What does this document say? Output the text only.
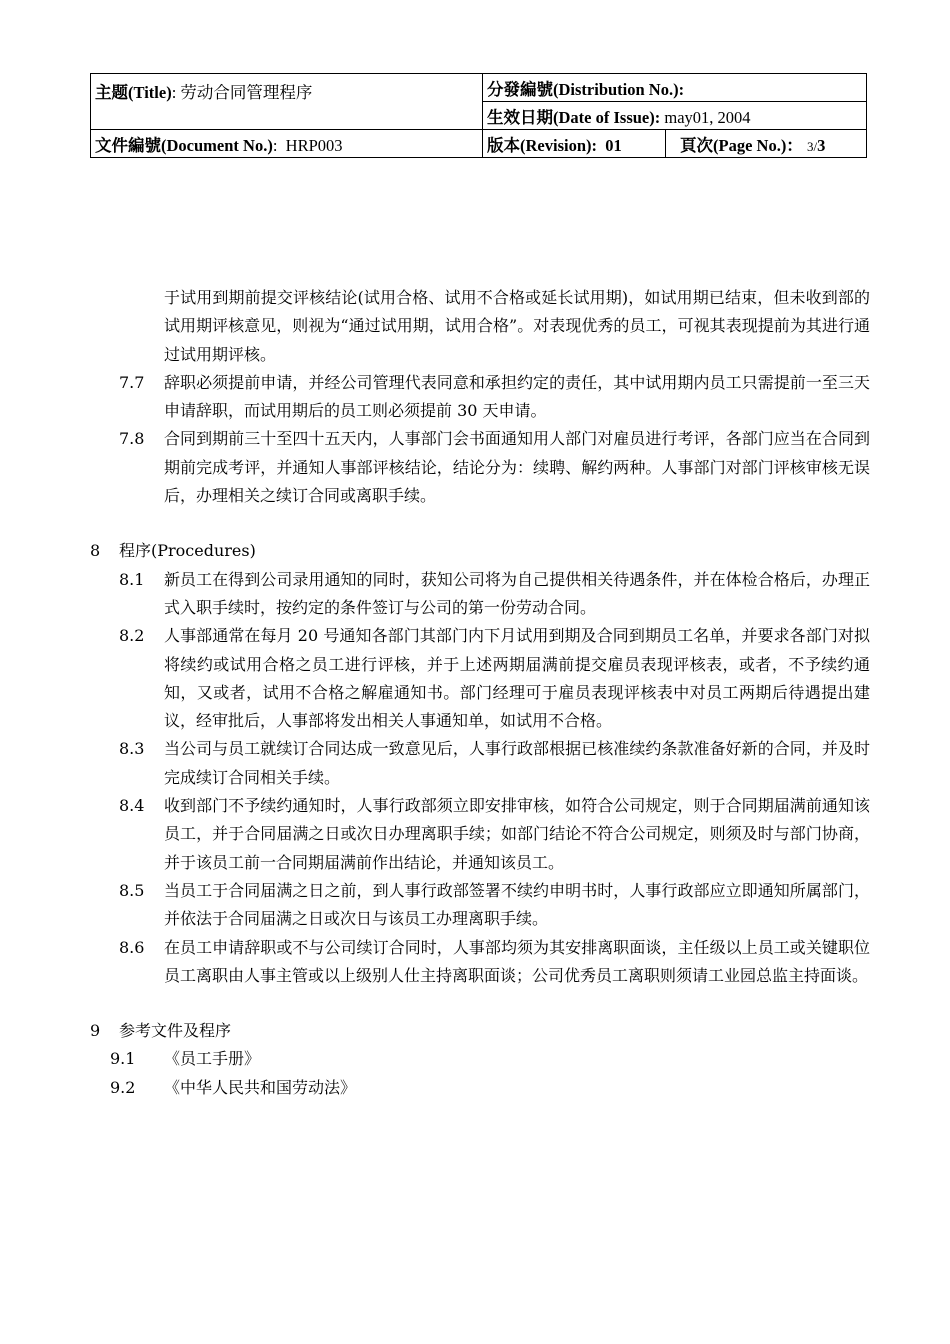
主题(Title): 劳动合同管理程序	分發編號(Distribution No.):	
	生效日期(Date of Issue): may01, 2004	
文件編號(Document No.):  HRP003	版本(Revision): 01	頁次(Page No.)： 3/3
于试用到期前提交评核结论(试用合格、试用不合格或延长试用期)，如试用期已结束，但未收到部的试用期评核意见，则视为“通过试用期，试用合格”。对表现优秀的员工，可视其表现提前为其进行通过试用期评核。
7.7	辞职必须提前申请，并经公司管理代表同意和承担约定的责任，其中试用期内员工只需提前一至三天申请辞职，而试用期后的员工则必须提前 30 天申请。
7.8	合同到期前三十至四十五天内，人事部门会书面通知用人部门对雇员进行考评，各部门应当在合同到期前完成考评，并通知人事部评核结论，结论分为：续聘、解约两种。人事部门对部门评核审核无误后，办理相关之续订合同或离职手续。
8	程序(Procedures)
8.1	新员工在得到公司录用通知的同时，获知公司将为自己提供相关待遇条件，并在体检合格后，办理正式入职手续时，按约定的条件签订与公司的第一份劳动合同。
8.2	人事部通常在每月 20 号通知各部门其部门内下月试用到期及合同到期员工名单，并要求各部门对拟将续约或试用合格之员工进行评核，并于上述两期届满前提交雇员表现评核表，或者，不予续约通知，又或者，试用不合格之解雇通知书。部门经理可于雇员表现评核表中对员工两期后待遇提出建议，经审批后，人事部将发出相关人事通知单，如试用不合格。
8.3	当公司与员工就续订合同达成一致意见后，人事行政部根据已核准续约条款准备好新的合同，并及时完成续订合同相关手续。
8.4	收到部门不予续约通知时，人事行政部须立即安排审核，如符合公司规定，则于合同期届满前通知该员工，并于合同届满之日或次日办理离职手续；如部门结论不符合公司规定，则须及时与部门协商，并于该员工前一合同期届满前作出结论，并通知该员工。
8.5	当员工于合同届满之日之前，到人事行政部签署不续约申明书时，人事行政部应立即通知所属部门，并依法于合同届满之日或次日与该员工办理离职手续。
8.6	在员工申请辞职或不与公司续订合同时，人事部均须为其安排离职面谈，主任级以上员工或关键职位员工离职由人事主管或以上级别人仕主持离职面谈；公司优秀员工离职则须请工业园总监主持面谈。
9	参考文件及程序
9.1	《员工手册》
9.2	《中华人民共和国劳动法》
